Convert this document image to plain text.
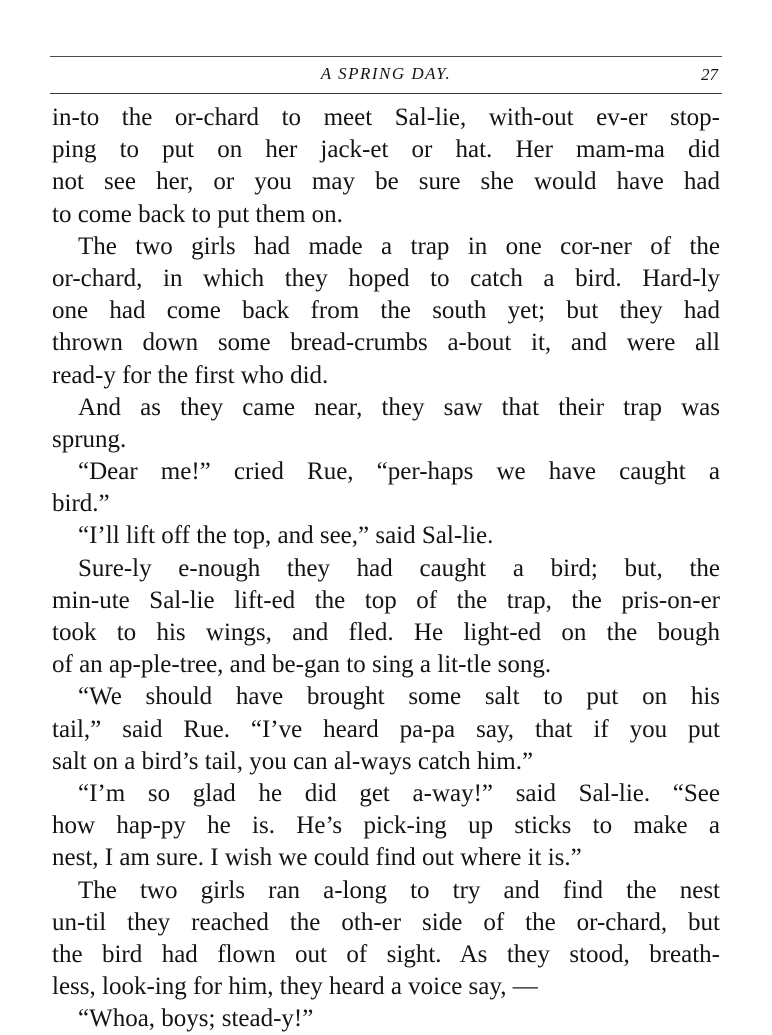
A SPRING DAY.	27
in-to the or-chard to meet Sal-lie, with-out ev-er stop-
ping to put on her jack-et or hat. Her mam-ma did
not see her, or you may be sure she would have had
to come back to put them on.
The two girls had made a trap in one cor-ner of the
or-chard, in which they hoped to catch a bird. Hard-ly
one had come back from the south yet; but they had
thrown down some bread-crumbs a-bout it, and were all
read-y for the first who did.
And as they came near, they saw that their trap was
sprung.
“Dear me!” cried Rue, “per-haps we have caught a
bird.”
“I’ll lift off the top, and see,” said Sal-lie.
Sure-ly e-nough they had caught a bird; but, the
min-ute Sal-lie lift-ed the top of the trap, the pris-on-er
took to his wings, and fled. He light-ed on the bough
of an ap-ple-tree, and be-gan to sing a lit-tle song.
“We should have brought some salt to put on his
tail,” said Rue. “I’ve heard pa-pa say, that if you put
salt on a bird’s tail, you can al-ways catch him.”
“I’m so glad he did get a-way!” said Sal-lie. “See
how hap-py he is. He’s pick-ing up sticks to make a
nest, I am sure. I wish we could find out where it is.”
The two girls ran a-long to try and find the nest
un-til they reached the oth-er side of the or-chard, but
the bird had flown out of sight. As they stood, breath-
less, look-ing for him, they heard a voice say, —
“Whoa, boys; stead-y!”
